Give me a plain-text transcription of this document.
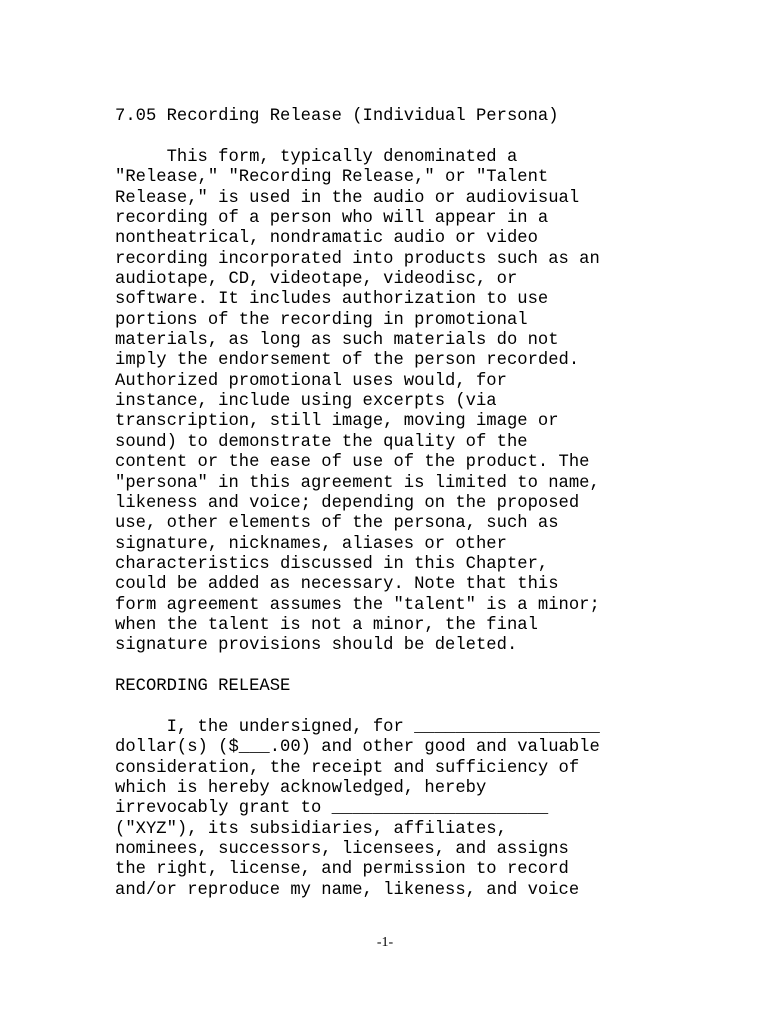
7.05 Recording Release (Individual Persona)

This form, typically denominated a
"Release," "Recording Release," or "Talent
Release," is used in the audio or audiovisual
recording of a person who will appear in a
nontheatrical, nondramatic audio or video
recording incorporated into products such as an
audiotape, CD, videotape, videodisc, or
software. It includes authorization to use
portions of the recording in promotional
materials, as long as such materials do not
imply the endorsement of the person recorded.
Authorized promotional uses would, for
instance, include using excerpts (via
transcription, still image, moving image or
sound) to demonstrate the quality of the
content or the ease of use of the product. The
"persona" in this agreement is limited to name,
likeness and voice; depending on the proposed
use, other elements of the persona, such as
signature, nicknames, aliases or other
characteristics discussed in this Chapter,
could be added as necessary. Note that this
form agreement assumes the "talent" is a minor;
when the talent is not a minor, the final
signature provisions should be deleted.

RECORDING RELEASE

I, the undersigned, for __________________
dollar(s) ($___.00) and other good and valuable
consideration, the receipt and sufficiency of
which is hereby acknowledged, hereby
irrevocably grant to _____________________
("XYZ"), its subsidiaries, affiliates,
nominees, successors, licensees, and assigns
the right, license, and permission to record
and/or reproduce my name, likeness, and voice

-1-
